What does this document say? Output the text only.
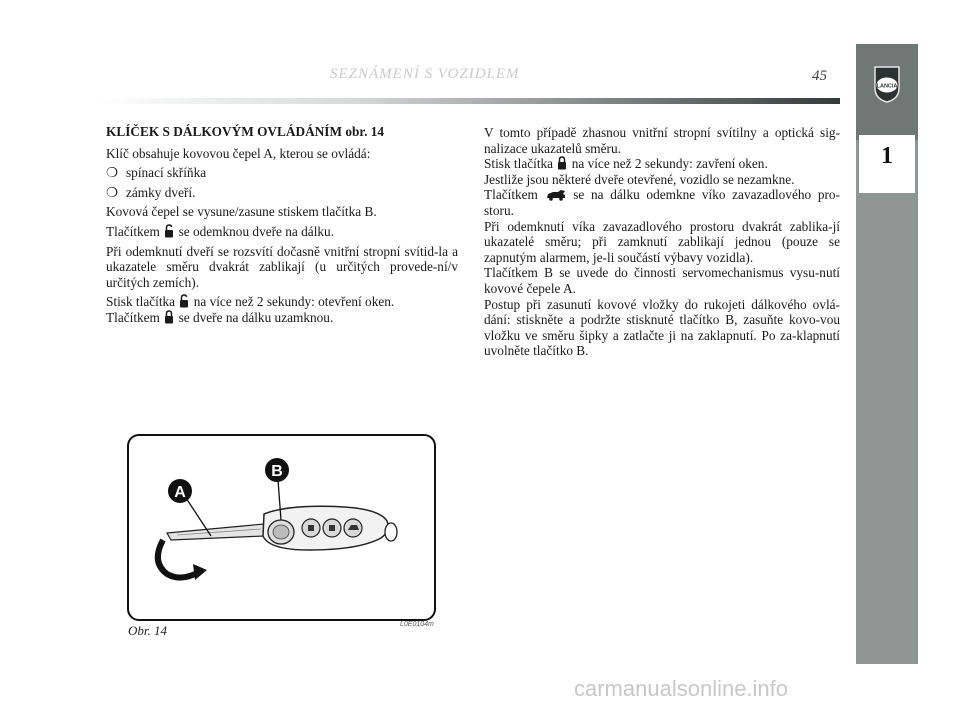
SEZNÁMENÍ S VOZIDLEM	45
LANCIA
1

KLÍČEK S DÁLKOVÝM OVLÁDÁNÍM obr. 14

Klíč obsahuje kovovou čepel A, kterou se ovládá:

❍ spínací skříňka

❍ zámky dveří.

Kovová čepel se vysune/zasune stiskem tlačítka B.

Tlačítkem se odemknou dveře na dálku.

Při odemknutí dveří se rozsvítí dočasně vnitřní stropní svítid-la a ukazatele směru dvakrát zablikají (u určitých provede-ní/v určitých zemích).

Stisk tlačítka na více než 2 sekundy: otevření oken.

Tlačítkem se dveře na dálku uzamknou.

V tomto případě zhasnou vnitřní stropní svítilny a optická sig-nalizace ukazatelů směru.

Stisk tlačítka na více než 2 sekundy: zavření oken.

Jestliže jsou některé dveře otevřené, vozidlo se nezamkne.

Tlačítkem	se na dálku odemkne víko zavazadlového pro-storu.

Při odemknutí víka zavazadlového prostoru dvakrát zablika-jí ukazatelé směru; při zamknutí zablikají jednou (pouze se zapnutým alarmem, je-li součástí výbavy vozidla).

Tlačítkem B se uvede do činnosti servomechanismus vysu-nutí kovové čepele A.

Postup při zasunutí kovové vložky do rukojeti dálkového ovlá-dání: stiskněte a podržte stisknuté tlačítko B, zasuňte kovo-vou vložku ve směru šipky a zatlačte ji na zaklapnutí. Po za-klapnutí uvolněte tlačítko B.

A
B
Obr. 14	L0E0104m
carmanualsonline.info
